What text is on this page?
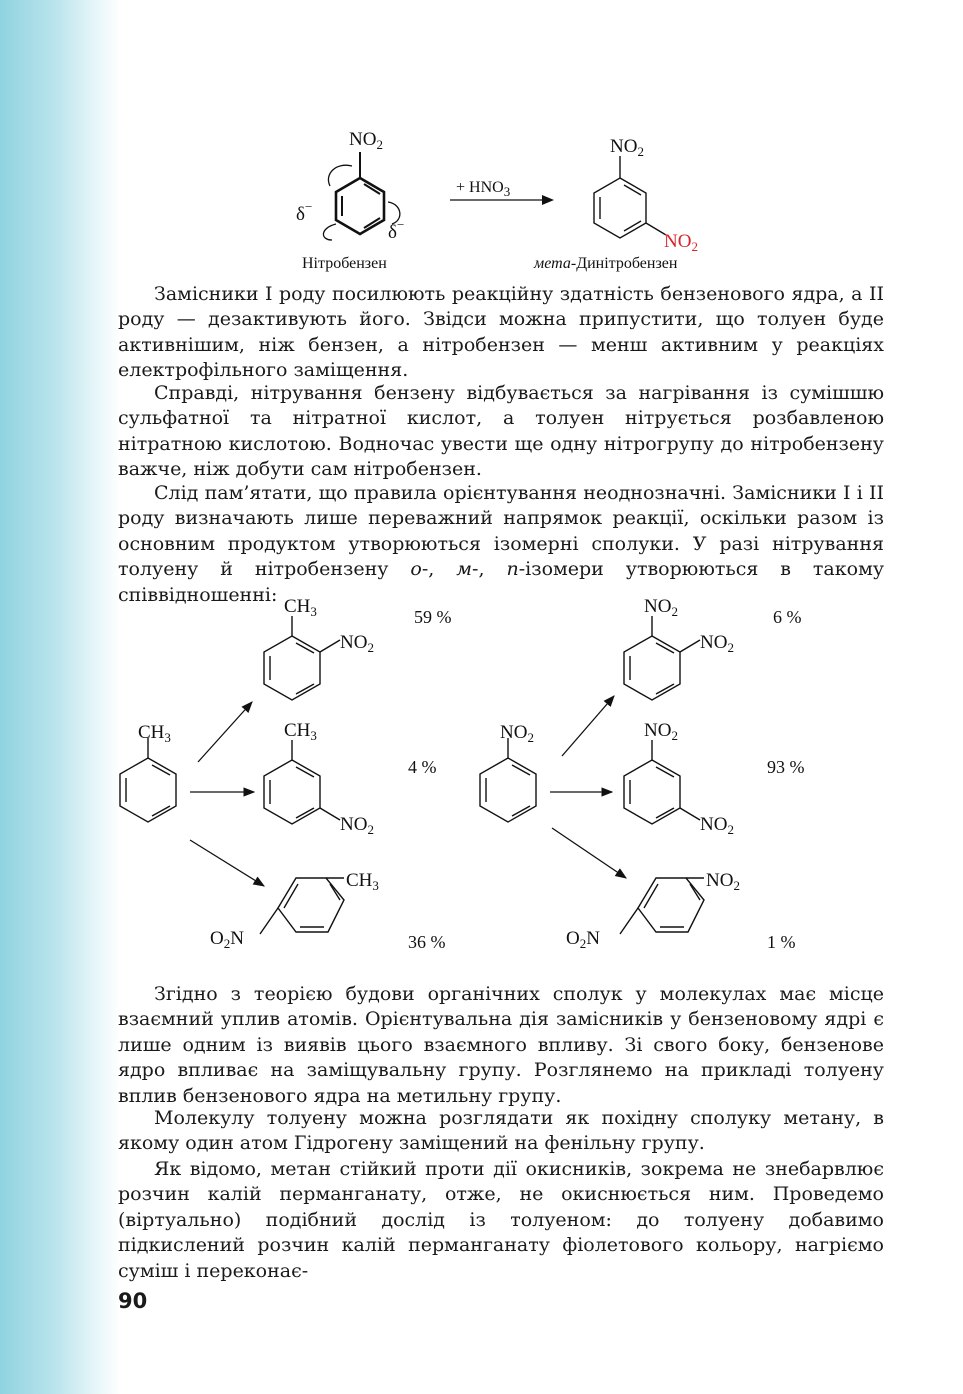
$NO_2$
δ−
δ−
Нітробензен
+ $HNO_3$
$NO_2$
$NO_2$
мета-Динітробензен

Замісники I роду посилюють реакційну здатність бензенового ядра, а II роду — дезактивують його. Звідси можна припустити, що толуен буде активнішим, ніж бензен, а нітробензен — менш активним у реакціях електрофільного заміщення.

Справді, нітрування бензену відбувається за нагрівання із сумішшю сульфатної та нітратної кислот, а толуен нітрується розбавленою нітратною кислотою. Водночас увести ще одну нітрогрупу до нітробензену важче, ніж добути сам нітробензен.

Слід пам’ятати, що правила орієнтування неоднозначні. Замісники I і II роду визначають лише переважний напрямок реакції, оскільки разом із основним продуктом утворюються ізомерні сполуки. У разі нітрування толуену й нітробензену о-, м-, п-ізомери утворюються в такому співвідношенні:

$CH_3$
$CH_3$
$NO_2$
59 %
$CH_3$
$NO_2$
4 %
$CH_3$
$O_2N$	36 %
$NO_2$
$NO_2$
$NO_2$
6 %
$NO_2$
$NO_2$
93 %
$NO_2$
$O_2N$	1 %

Згідно з теорією будови органічних сполук у молекулах має місце взаємний уплив атомів. Орієнтувальна дія замісників у бензеновому ядрі є лише одним із виявів цього взаємного впливу. Зі свого боку, бензенове ядро впливає на заміщувальну групу. Розглянемо на прикладі толуену вплив бензенового ядра на метильну групу.

Молекулу толуену можна розглядати як похідну сполуку метану, в якому один атом Гідрогену заміщений на фенільну групу.

Як відомо, метан стійкий проти дії окисників, зокрема не знебарвлює розчин калій перманганату, отже, не окиснюється ним. Проведемо (віртуально) подібний дослід із толуеном: до толуену добавимо підкислений розчин калій перманганату фіолетового кольору, нагріємо суміш і переконає-

90
